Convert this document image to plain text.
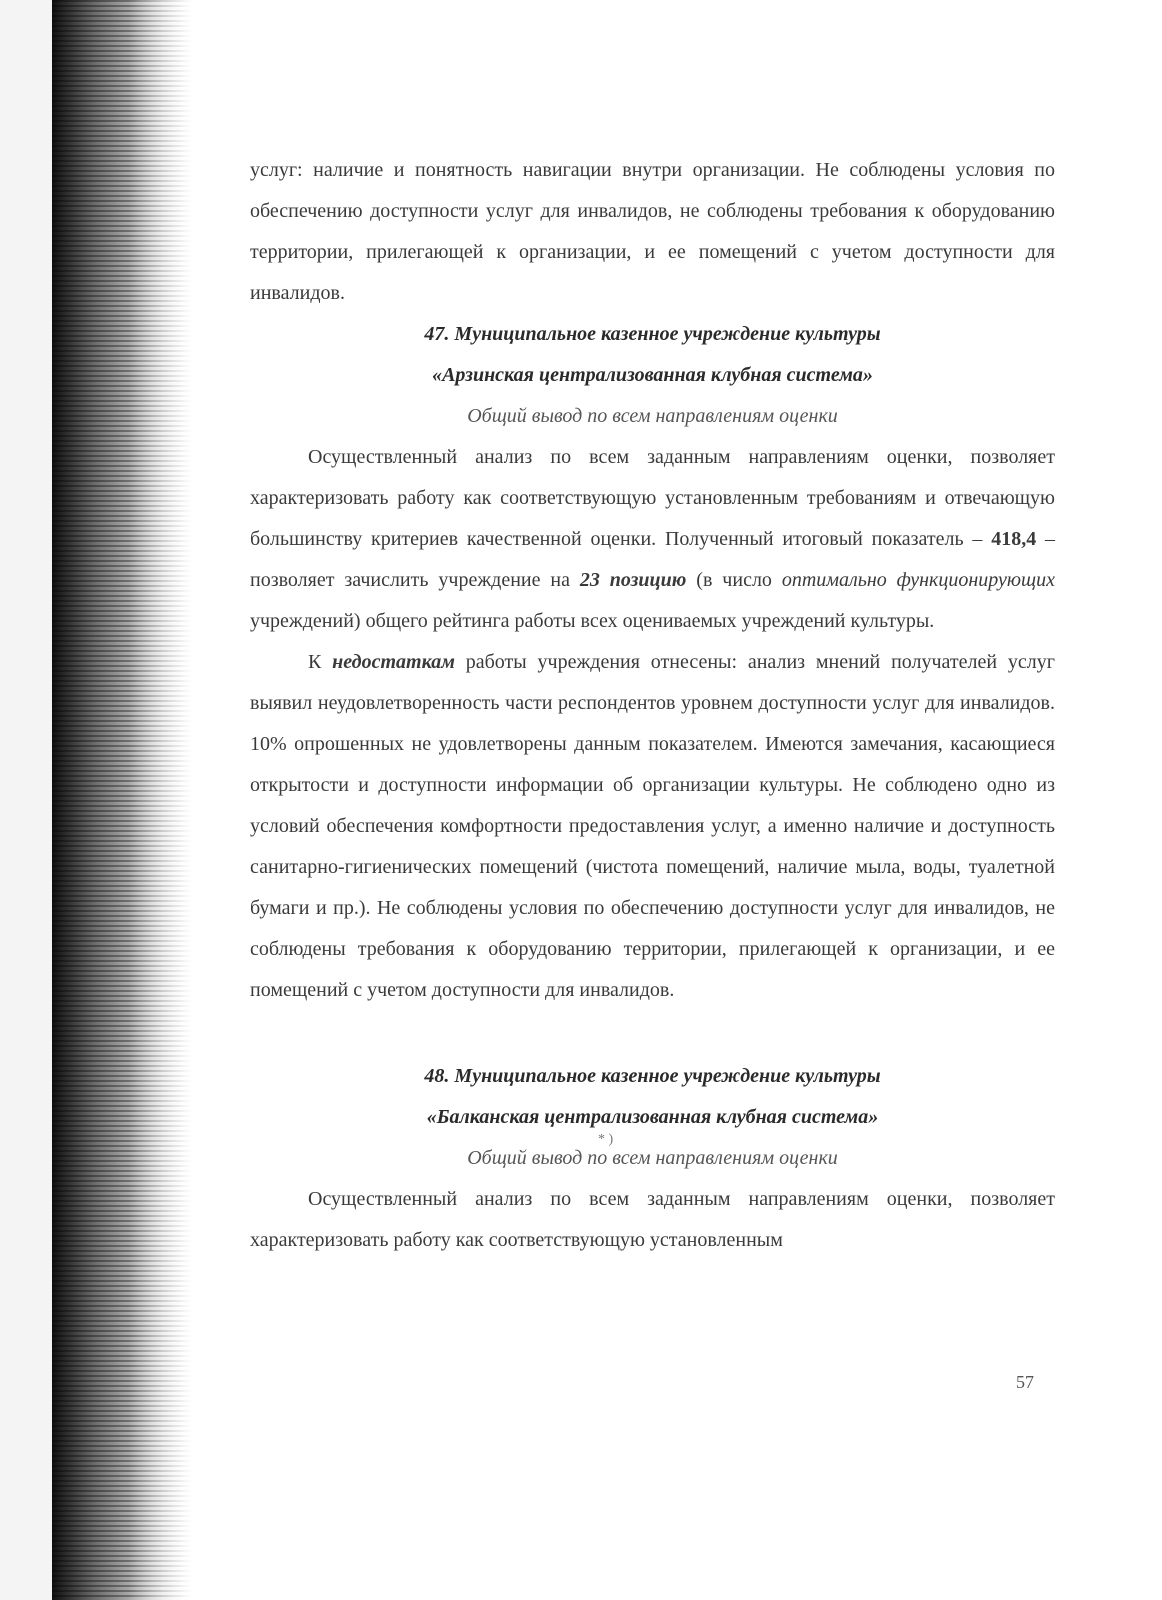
услуг: наличие и понятность навигации внутри организации. Не соблюдены условия по обеспечению доступности услуг для инвалидов, не соблюдены требования к оборудованию территории, прилегающей к организации, и ее помещений с учетом доступности для инвалидов.

47. Муниципальное казенное учреждение культуры

«Арзинская централизованная клубная система»

Общий вывод по всем направлениям оценки

Осуществленный анализ по всем заданным направлениям оценки, позволяет характеризовать работу как соответствующую установленным требованиям и отвечающую большинству критериев качественной оценки. Полученный итоговый показатель – 418,4 – позволяет зачислить учреждение на 23 позицию (в число оптимально функционирующих учреждений) общего рейтинга работы всех оцениваемых учреждений культуры.

К недостаткам работы учреждения отнесены: анализ мнений получателей услуг выявил неудовлетворенность части респондентов уровнем доступности услуг для инвалидов. 10% опрошенных не удовлетворены данным показателем. Имеются замечания, касающиеся открытости и доступности информации об организации культуры. Не соблюдено одно из условий обеспечения комфортности предоставления услуг, а именно наличие и доступность санитарно-гигиенических помещений (чистота помещений, наличие мыла, воды, туалетной бумаги и пр.). Не соблюдены условия по обеспечению доступности услуг для инвалидов, не соблюдены требования к оборудованию территории, прилегающей к организации, и ее помещений с учетом доступности для инвалидов.

48. Муниципальное казенное учреждение культуры

«Балканская централизованная клубная система»

Общий вывод по всем направлениям оценки

Осуществленный анализ по всем заданным направлениям оценки, позволяет характеризовать работу как соответствующую установленным

* )
57
